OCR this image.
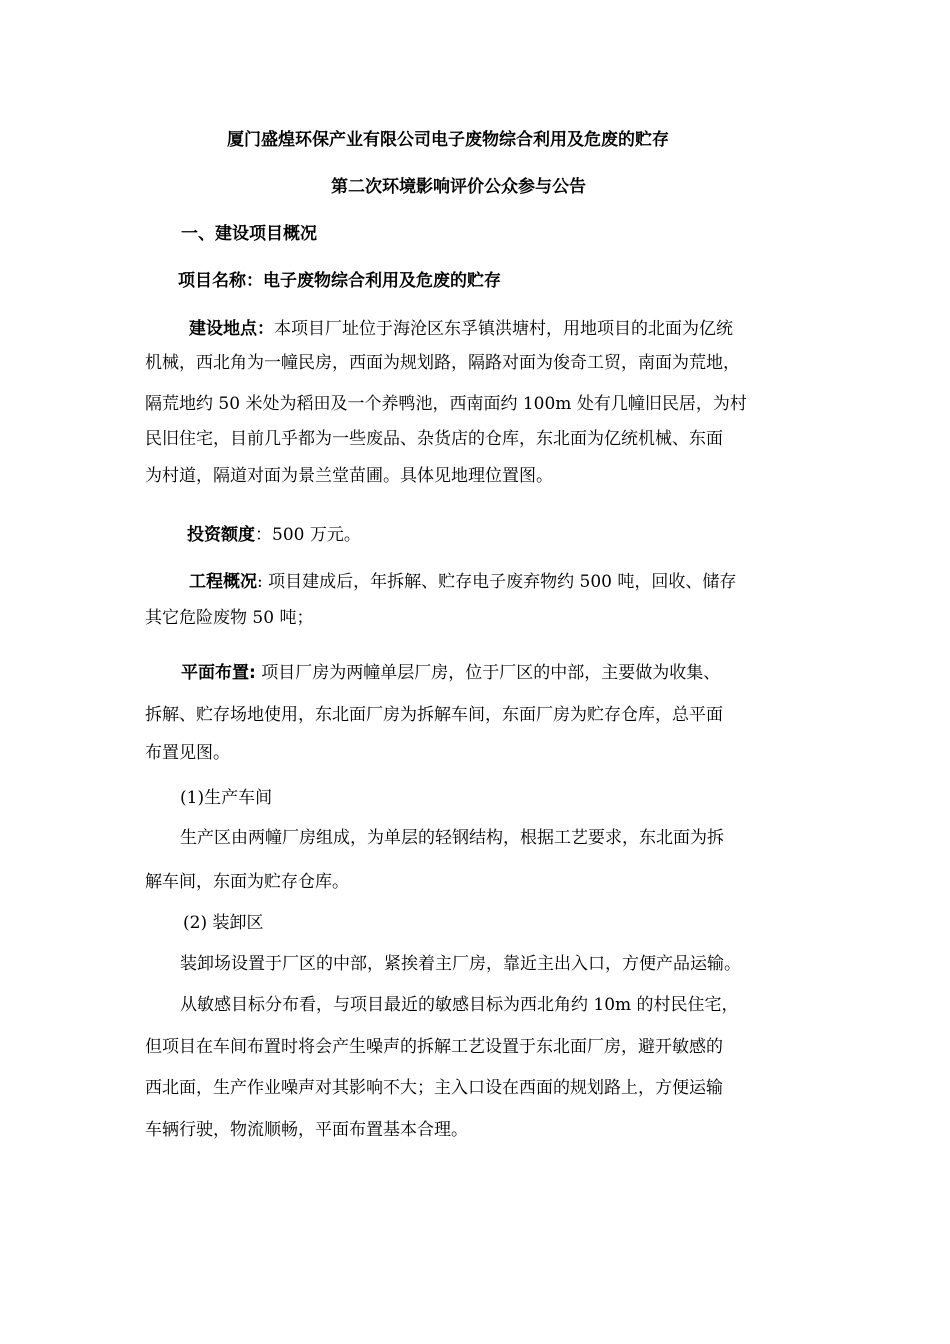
厦门盛煌环保产业有限公司电子废物综合利用及危废的贮存
第二次环境影响评价公众参与公告
一、建设项目概况
项目名称：电子废物综合利用及危废的贮存
建设地点：本项目厂址位于海沧区东孚镇洪塘村，用地项目的北面为亿统
机械，西北角为一幢民房，西面为规划路，隔路对面为俊奇工贸，南面为荒地，
隔荒地约 50 米处为稻田及一个养鸭池，西南面约 100m 处有几幢旧民居，为村
民旧住宅，目前几乎都为一些废品、杂货店的仓库，东北面为亿统机械、东面
为村道，隔道对面为景兰堂苗圃。具体见地理位置图。
投资额度：500 万元。
工程概况: 项目建成后，年拆解、贮存电子废弃物约 500 吨，回收、储存
其它危险废物 50 吨；
平面布置: 项目厂房为两幢单层厂房，位于厂区的中部，主要做为收集、
拆解、贮存场地使用，东北面厂房为拆解车间，东面厂房为贮存仓库，总平面
布置见图。
(1)生产车间
生产区由两幢厂房组成，为单层的轻钢结构，根据工艺要求，东北面为拆
解车间，东面为贮存仓库。
(2) 装卸区
装卸场设置于厂区的中部，紧挨着主厂房，靠近主出入口，方便产品运输。
从敏感目标分布看，与项目最近的敏感目标为西北角约 10m 的村民住宅，
但项目在车间布置时将会产生噪声的拆解工艺设置于东北面厂房，避开敏感的
西北面，生产作业噪声对其影响不大；主入口设在西面的规划路上，方便运输
车辆行驶，物流顺畅，平面布置基本合理。
